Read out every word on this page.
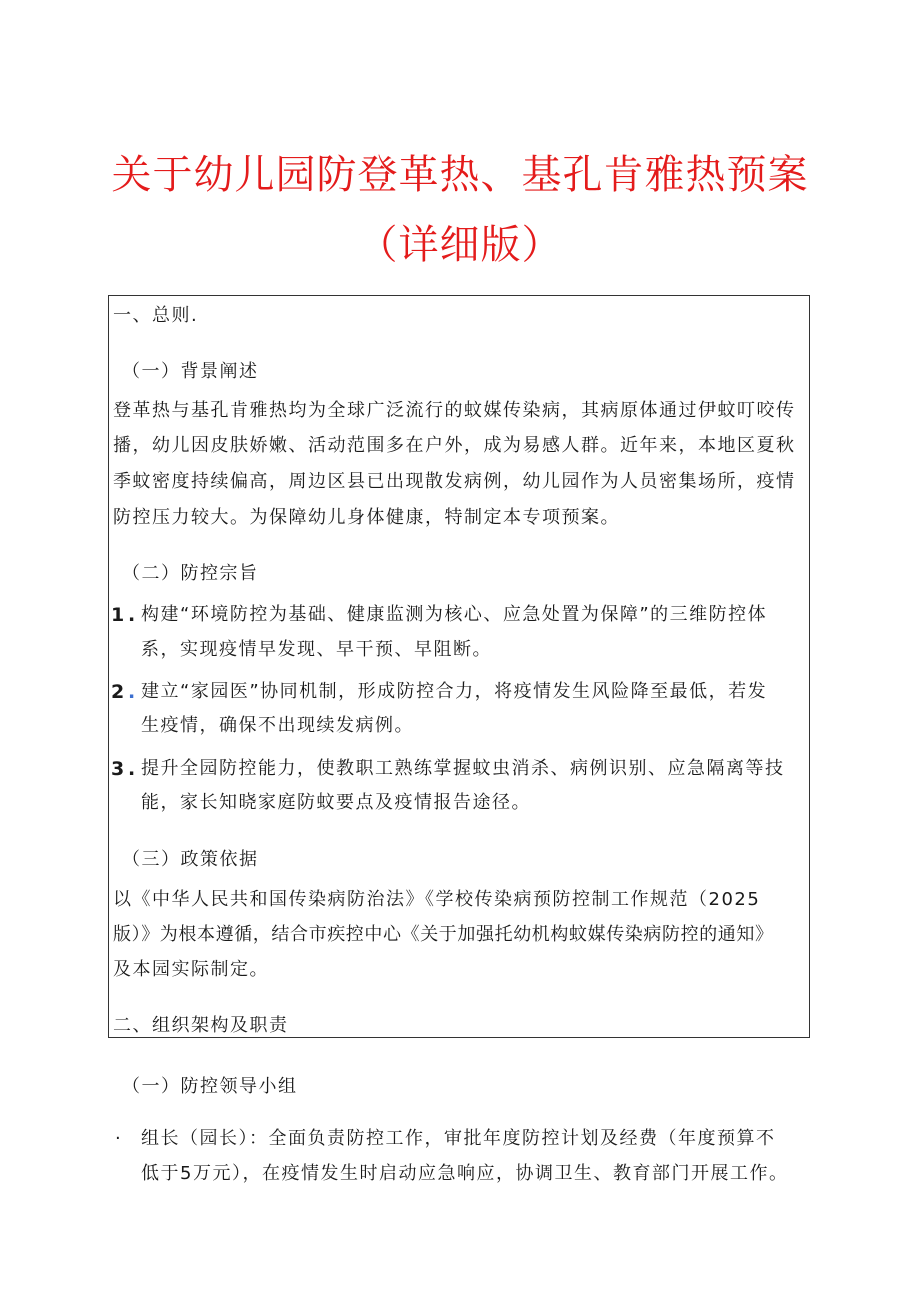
关于幼儿园防登革热、基孔肯雅热预案
（详细版）
一、总则.
（一）背景阐述
登革热与基孔肯雅热均为全球广泛流行的蚊媒传染病，其病原体通过伊蚊叮咬传
播，幼儿因皮肤娇嫩、活动范围多在户外，成为易感人群。近年来，本地区夏秋
季蚊密度持续偏高，周边区县已出现散发病例，幼儿园作为人员密集场所，疫情
防控压力较大。为保障幼儿身体健康，特制定本专项预案。
（二）防控宗旨
1 . 构建“环境防控为基础、健康监测为核心、应急处置为保障”的三维防控体
系，实现疫情早发现、早干预、早阻断。
2 . 建立“家园医”协同机制，形成防控合力，将疫情发生风险降至最低，若发
生疫情，确保不出现续发病例。
3 . 提升全园防控能力，使教职工熟练掌握蚊虫消杀、病例识别、应急隔离等技
能，家长知晓家庭防蚊要点及疫情报告途径。
（三）政策依据
以《中华人民共和国传染病防治法》《学校传染病预防控制工作规范（2025
版）》为根本遵循，结合市疾控中心《关于加强托幼机构蚊媒传染病防控的通知》
及本园实际制定。
二、组织架构及职责
（一）防控领导小组
· 组长（园长）：全面负责防控工作，审批年度防控计划及经费（年度预算不
低于5万元），在疫情发生时启动应急响应，协调卫生、教育部门开展工作。
